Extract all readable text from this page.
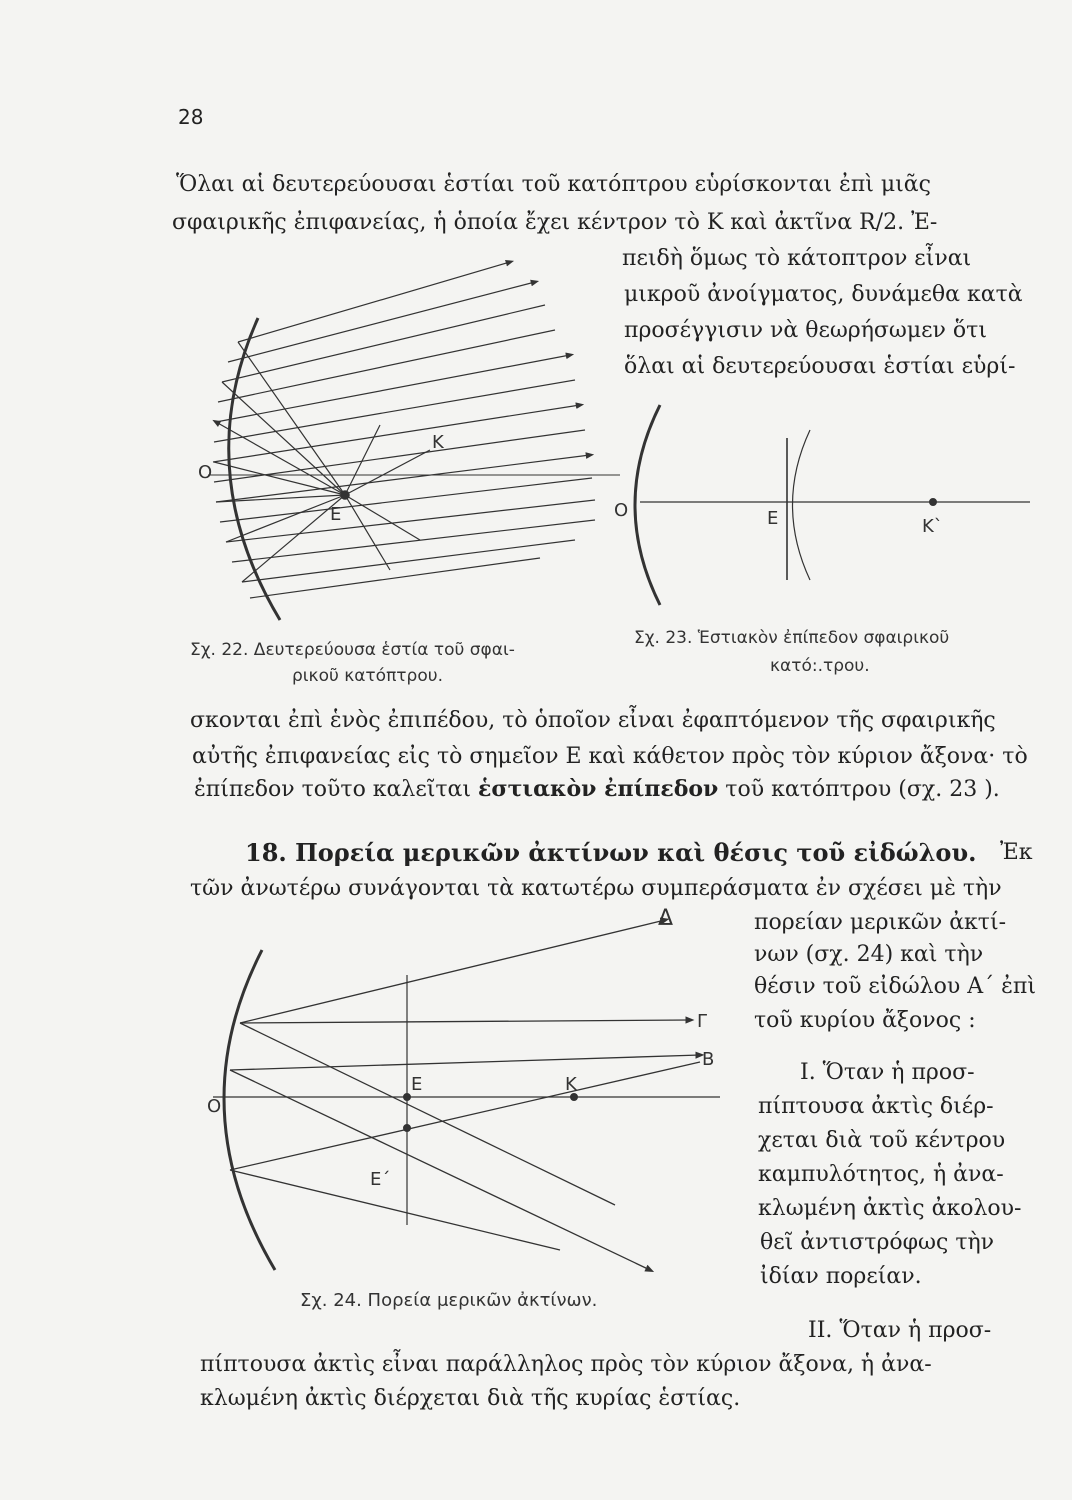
28
Ὅλαι αἱ δευτερεύουσαι ἑστίαι τοῦ κατόπτρου εὑρίσκονται ἐπὶ μιᾶς
σφαιρικῆς ἐπιφανείας, ἡ ὁποία ἔχει κέντρον τὸ Κ καὶ ἀκτῖνα R/2. Ἐ-
πειδὴ ὅμως τὸ κάτοπτρον εἶναι
μικροῦ ἀνοίγματος, δυνάμεθα κατὰ
προσέγγισιν νὰ θεωρήσωμεν ὅτι
ὅλαι αἱ δευτερεύουσαι ἑστίαι εὑρί-
O
K
E	O	E	K`
Δ
Γ
B
O
E	K
E΄
Σχ. 22. Δευτερεύουσα ἑστία τοῦ σφαι-
ρικοῦ κατόπτρου.
Σχ. 23. Ἑστιακὸν ἐπίπεδον σφαιρικοῦ
κατό:.τρου.
σκονται ἐπὶ ἑνὸς ἐπιπέδου, τὸ ὁποῖον εἶναι ἐφαπτόμενον τῆς σφαιρικῆς
αὐτῆς ἐπιφανείας εἰς τὸ σημεῖον Ε καὶ κάθετον πρὸς τὸν κύριον ἄξονα· τὸ
ἐπίπεδον τοῦτο καλεῖται ἑστιακὸν ἐπίπεδον τοῦ κατόπτρου (σχ. 23 ).
18. Πορεία μερικῶν ἀκτίνων καὶ θέσις τοῦ εἰδώλου. Ἐκ
τῶν ἀνωτέρω συνάγονται τὰ κατωτέρω συμπεράσματα ἐν σχέσει μὲ τὴν
πορείαν μερικῶν ἀκτί-
νων (σχ. 24) καὶ τὴν
θέσιν τοῦ εἰδώλου Α΄ ἐπὶ
τοῦ κυρίου ἄξονος :
Ι. Ὅταν ἡ προσ-
πίπτουσα ἀκτὶς διέρ-
χεται διὰ τοῦ κέντρου
καμπυλότητος, ἡ ἀνα-
κλωμένη ἀκτὶς ἀκολου-
θεῖ ἀντιστρόφως τὴν
ἰδίαν πορείαν.
Σχ. 24. Πορεία μερικῶν ἀκτίνων.
ΙΙ. Ὅταν ἡ προσ-
πίπτουσα ἀκτὶς εἶναι παράλληλος πρὸς τὸν κύριον ἄξονα, ἡ ἀνα-
κλωμένη ἀκτὶς διέρχεται διὰ τῆς κυρίας ἑστίας.
